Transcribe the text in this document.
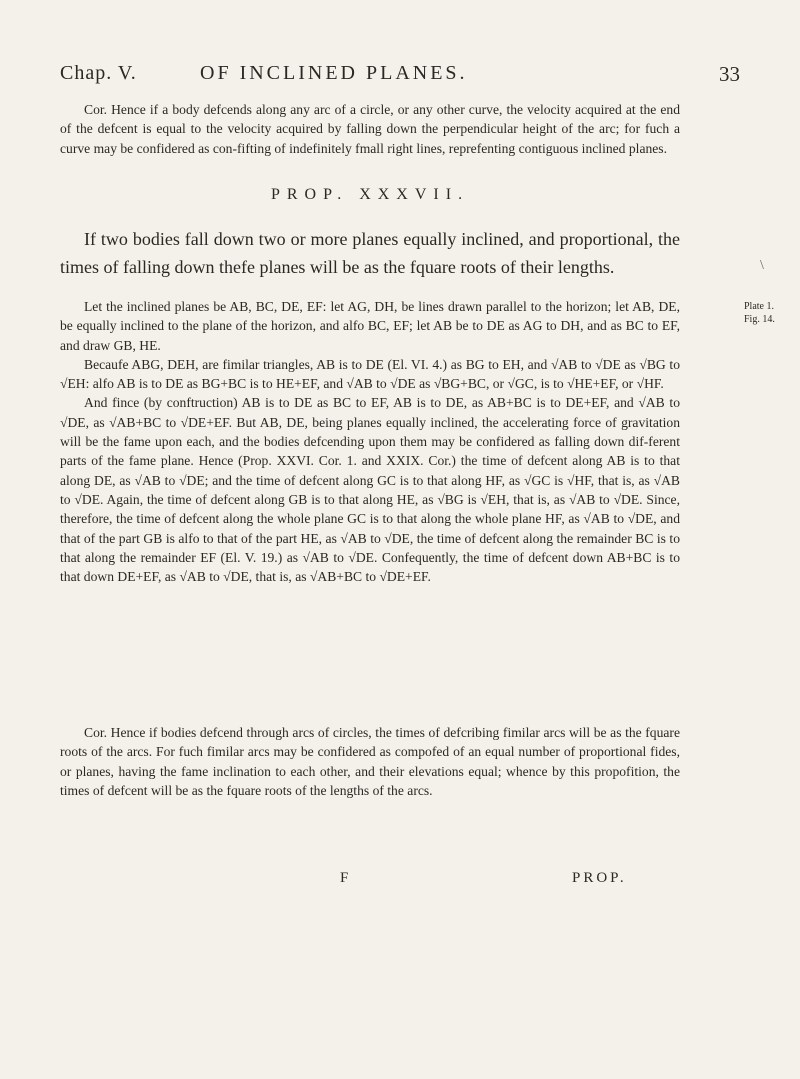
Chap. V.	OF INCLINED PLANES.	33
Cor. Hence if a body defcends along any arc of a circle, or any other curve, the velocity acquired at the end of the defcent is equal to the velocity acquired by falling down the perpendicular height of the arc; for fuch a curve may be confidered as con-fifting of indefinitely fmall right lines, reprefenting contiguous inclined planes.
PROP. XXXVII.
If two bodies fall down two or more planes equally inclined, and proportional, the times of falling down thefe planes will be as the fquare roots of their lengths.

Let the inclined planes be AB, BC, DE, EF: let AG, DH, be lines drawn parallel to the horizon; let AB, DE, be equally inclined to the plane of the horizon, and alfo BC, EF; let AB be to DE as AG to DH, and as BC to EF, and draw GB, HE.

Becaufe ABG, DEH, are fimilar triangles, AB is to DE (El. VI. 4.) as BG to EH, and √AB to √DE as √BG to √EH: alfo AB is to DE as BG+BC is to HE+EF, and √AB to √DE as √BG+BC, or √GC, is to √HE+EF, or √HF.

And fince (by conftruction) AB is to DE as BC to EF, AB is to DE, as AB+BC is to DE+EF, and √AB to √DE, as √AB+BC to √DE+EF. But AB, DE, being planes equally inclined, the accelerating force of gravitation will be the fame upon each, and the bodies defcending upon them may be confidered as falling down dif-ferent parts of the fame plane. Hence (Prop. XXVI. Cor. 1. and XXIX. Cor.) the time of defcent along AB is to that along DE, as √AB to √DE; and the time of defcent along GC is to that along HF, as √GC is √HF, that is, as √AB to √DE. Again, the time of defcent along GB is to that along HE, as √BG is √EH, that is, as √AB to √DE. Since, therefore, the time of defcent along the whole plane GC is to that along the whole plane HF, as √AB to √DE, and that of the part GB is alfo to that of the part HE, as √AB to √DE, the time of defcent along the remainder BC is to that along the remainder EF (El. V. 19.) as √AB to √DE. Confequently, the time of defcent down AB+BC is to that down DE+EF, as √AB to √DE, that is, as √AB+BC to √DE+EF.

Cor. Hence if bodies defcend through arcs of circles, the times of defcribing fimilar arcs will be as the fquare roots of the arcs. For fuch fimilar arcs may be confidered as compofed of an equal number of proportional fides, or planes, having the fame inclination to each other, and their elevations equal; whence by this propofition, the times of defcent will be as the fquare roots of the lengths of the arcs.
\
Plate 1.
Fig. 14.
F	PROP.
